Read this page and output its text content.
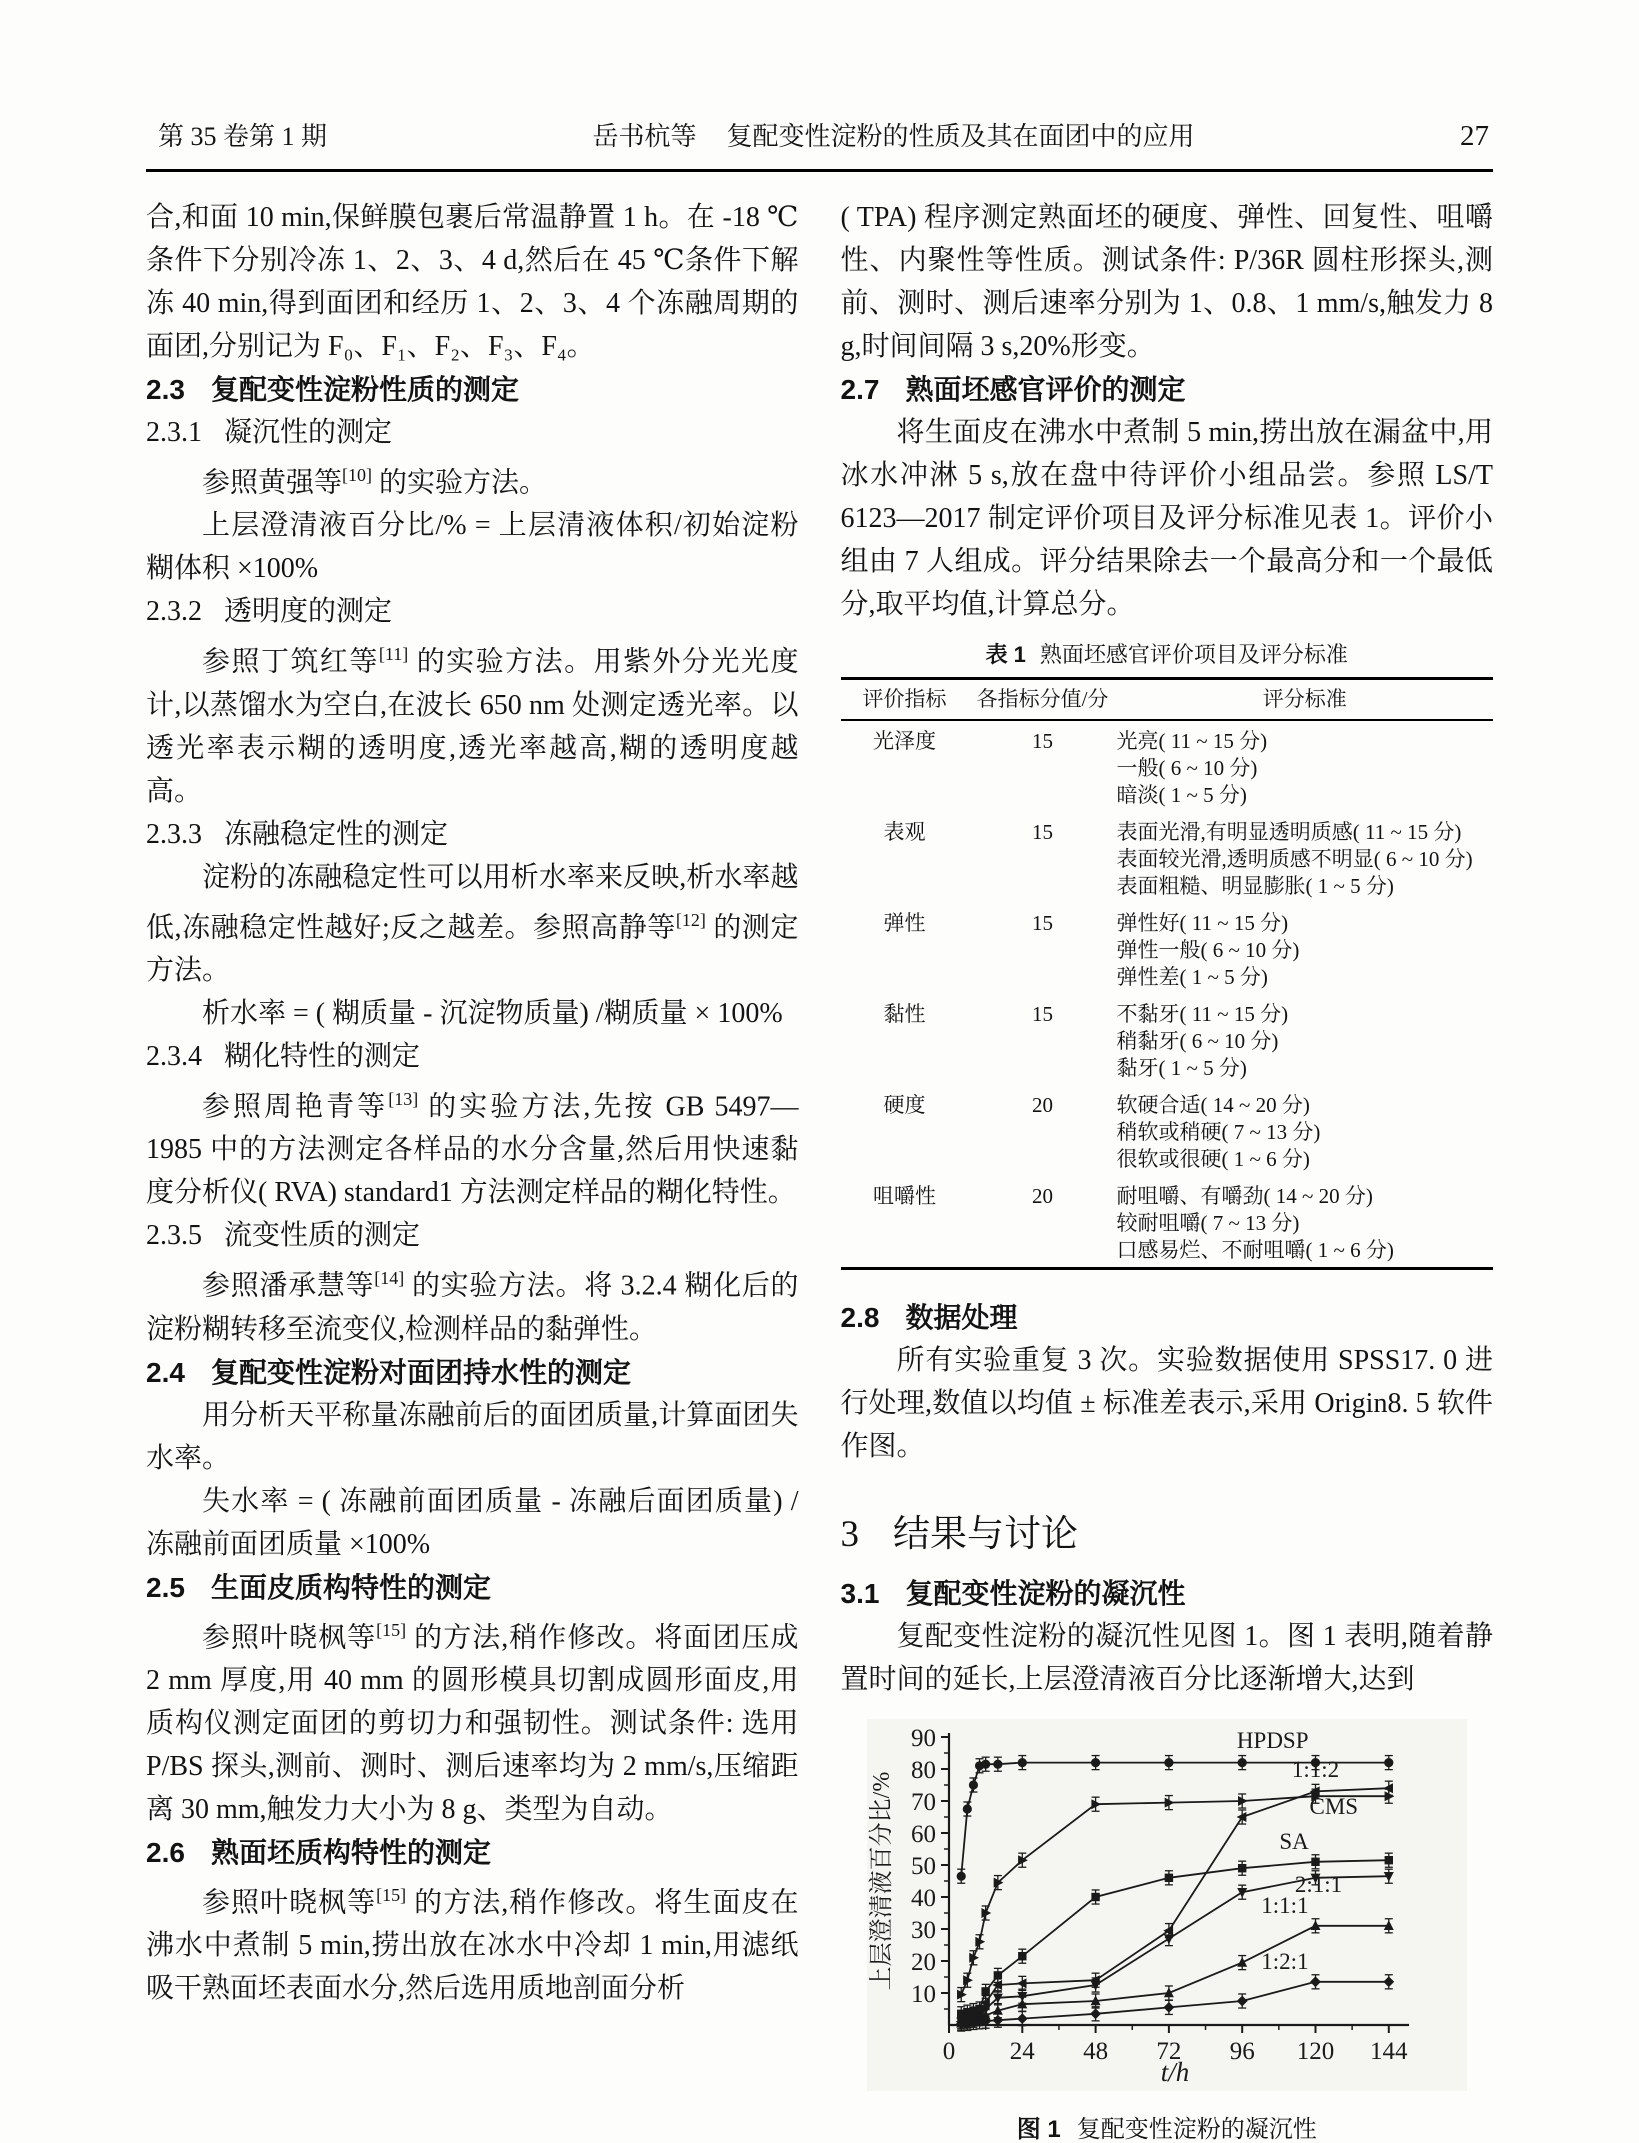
第 35 卷第 1 期	岳书杭等 复配变性淀粉的性质及其在面团中的应用	27

合,和面 10 min,保鲜膜包裹后常温静置 1 h。在 -18 ℃条件下分别冷冻 1、2、3、4 d,然后在 45 ℃条件下解冻 40 min,得到面团和经历 1、2、3、4 个冻融周期的面团,分别记为 F₀、F₁、F₂、F₃、F₄。

2.3 复配变性淀粉性质的测定

2.3.1 凝沉性的测定

参照黄强等[10] 的实验方法。

上层澄清液百分比/% = 上层清液体积/初始淀粉糊体积 ×100%

2.3.2 透明度的测定

参照丁筑红等[11] 的实验方法。用紫外分光光度计,以蒸馏水为空白,在波长 650 nm 处测定透光率。以透光率表示糊的透明度,透光率越高,糊的透明度越高。

2.3.3 冻融稳定性的测定

淀粉的冻融稳定性可以用析水率来反映,析水率越低,冻融稳定性越好;反之越差。参照高静等[12] 的测定方法。

析水率 = ( 糊质量 - 沉淀物质量) /糊质量 × 100%

2.3.4 糊化特性的测定

参照周艳青等[13] 的实验方法,先按 GB 5497—1985 中的方法测定各样品的水分含量,然后用快速黏度分析仪( RVA) standard1 方法测定样品的糊化特性。

2.3.5 流变性质的测定

参照潘承慧等[14] 的实验方法。将 3.2.4 糊化后的淀粉糊转移至流变仪,检测样品的黏弹性。

2.4 复配变性淀粉对面团持水性的测定

用分析天平称量冻融前后的面团质量,计算面团失水率。

失水率 = ( 冻融前面团质量 - 冻融后面团质量) /冻融前面团质量 ×100%

2.5 生面皮质构特性的测定

参照叶晓枫等[15] 的方法,稍作修改。将面团压成 2 mm 厚度,用 40 mm 的圆形模具切割成圆形面皮,用质构仪测定面团的剪切力和强韧性。测试条件: 选用 P/BS 探头,测前、测时、测后速率均为 2 mm/s,压缩距离 30 mm,触发力大小为 8 g、类型为自动。

2.6 熟面坯质构特性的测定

参照叶晓枫等[15] 的方法,稍作修改。将生面皮在沸水中煮制 5 min,捞出放在冰水中冷却 1 min,用滤纸吸干熟面坯表面水分,然后选用质地剖面分析

( TPA) 程序测定熟面坯的硬度、弹性、回复性、咀嚼性、内聚性等性质。测试条件: P/36R 圆柱形探头,测前、测时、测后速率分别为 1、0.8、1 mm/s,触发力 8 g,时间间隔 3 s,20%形变。

2.7 熟面坯感官评价的测定

将生面皮在沸水中煮制 5 min,捞出放在漏盆中,用冰水冲淋 5 s,放在盘中待评价小组品尝。参照 LS/T 6123—2017 制定评价项目及评分标准见表 1。评价小组由 7 人组成。评分结果除去一个最高分和一个最低分,取平均值,计算总分。

表 1 熟面坯感官评价项目及评分标准
评价指标	各指标分值/分	评分标准
光泽度	15	光亮( 11 ~ 15 分)
一般( 6 ~ 10 分)
暗淡( 1 ~ 5 分)
表观	15	表面光滑,有明显透明质感( 11 ~ 15 分)
表面较光滑,透明质感不明显( 6 ~ 10 分)
表面粗糙、明显膨胀( 1 ~ 5 分)
弹性	15	弹性好( 11 ~ 15 分)
弹性一般( 6 ~ 10 分)
弹性差( 1 ~ 5 分)
黏性	15	不黏牙( 11 ~ 15 分)
稍黏牙( 6 ~ 10 分)
黏牙( 1 ~ 5 分)
硬度	20	软硬合适( 14 ~ 20 分)
稍软或稍硬( 7 ~ 13 分)
很软或很硬( 1 ~ 6 分)
咀嚼性	20	耐咀嚼、有嚼劲( 14 ~ 20 分)
较耐咀嚼( 7 ~ 13 分)
口感易烂、不耐咀嚼( 1 ~ 6 分)

2.8 数据处理

所有实验重复 3 次。实验数据使用 SPSS17. 0 进行处理,数值以均值 ± 标准差表示,采用 Origin8. 5 软件作图。

3 结果与讨论

3.1 复配变性淀粉的凝沉性

复配变性淀粉的凝沉性见图 1。图 1 表明,随着静置时间的延长,上层澄清液百分比逐渐增大,达到

0 24 48 72 96 120 144
10
20
30
40
50
60
70
80
90
t/h
上层澄清液百分比/%
HPDSP
CMS
1:1:2
SA
2:1:1
1:1:1
1:2:1
图 1 复配变性淀粉的凝沉性
